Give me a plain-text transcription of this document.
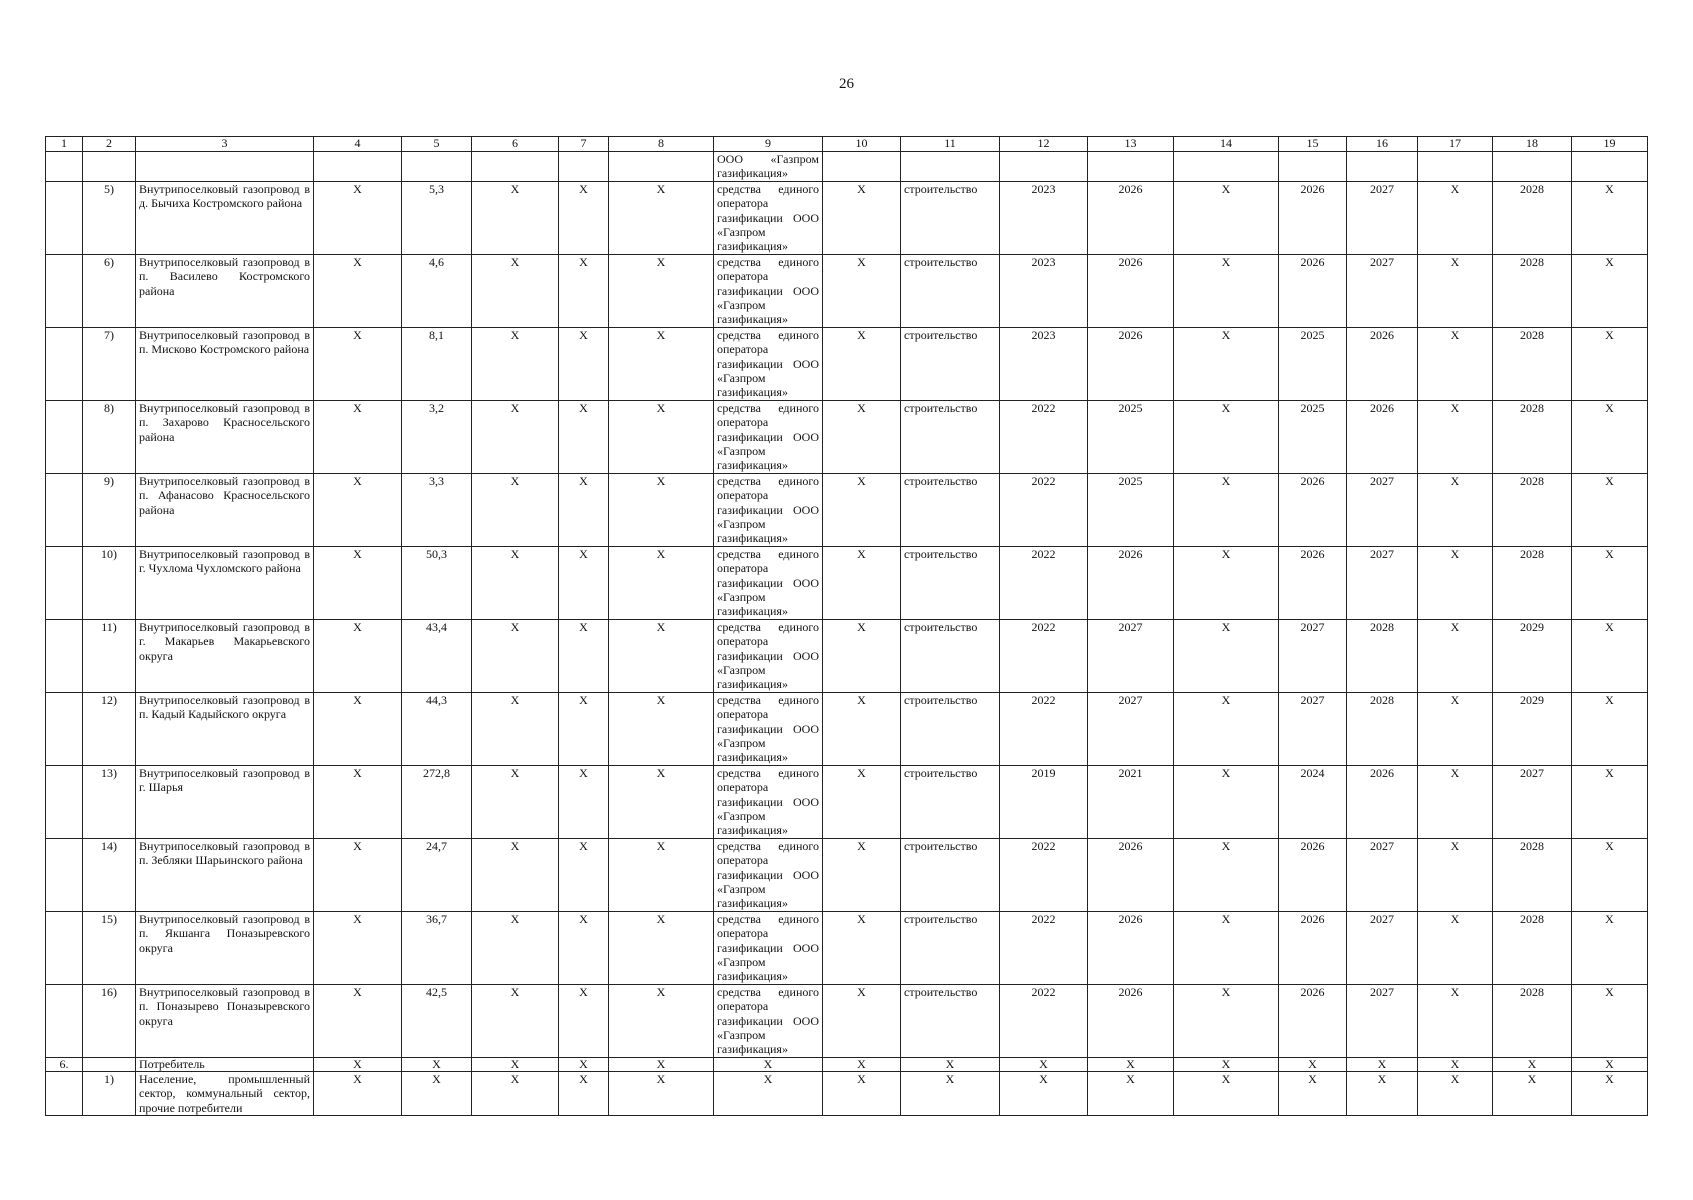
26
1	2	3	4	5	6	7	8	9	10	11	12	13	14	15	16	17	18	19
								ООО «Газпром газификация»										
	5)	Внутрипоселковый газопровод в д. Бычиха Костромского района	Х	5,3	Х	Х	Х	средства единого оператора газификации ООО «Газпром газификация»	Х	строительство	2023	2026	Х	2026	2027	Х	2028	Х
	6)	Внутрипоселковый газопровод в п. Василево Костромского района	Х	4,6	Х	Х	Х	средства единого оператора газификации ООО «Газпром газификация»	Х	строительство	2023	2026	Х	2026	2027	Х	2028	Х
	7)	Внутрипоселковый газопровод в п. Мисково Костромского района	Х	8,1	Х	Х	Х	средства единого оператора газификации ООО «Газпром газификация»	Х	строительство	2023	2026	Х	2025	2026	Х	2028	Х
	8)	Внутрипоселковый газопровод в п. Захарово Красносельского района	Х	3,2	Х	Х	Х	средства единого оператора газификации ООО «Газпром газификация»	Х	строительство	2022	2025	Х	2025	2026	Х	2028	Х
	9)	Внутрипоселковый газопровод в п. Афанасово Красносельского района	Х	3,3	Х	Х	Х	средства единого оператора газификации ООО «Газпром газификация»	Х	строительство	2022	2025	Х	2026	2027	Х	2028	Х
	10)	Внутрипоселковый газопровод в г. Чухлома Чухломского района	Х	50,3	Х	Х	Х	средства единого оператора газификации ООО «Газпром газификация»	Х	строительство	2022	2026	Х	2026	2027	Х	2028	Х
	11)	Внутрипоселковый газопровод в г. Макарьев Макарьевского округа	Х	43,4	Х	Х	Х	средства единого оператора газификации ООО «Газпром газификация»	Х	строительство	2022	2027	Х	2027	2028	Х	2029	Х
	12)	Внутрипоселковый газопровод в п. Кадый Кадыйского округа	Х	44,3	Х	Х	Х	средства единого оператора газификации ООО «Газпром газификация»	Х	строительство	2022	2027	Х	2027	2028	Х	2029	Х
	13)	Внутрипоселковый газопровод в г. Шарья	Х	272,8	Х	Х	Х	средства единого оператора газификации ООО «Газпром газификация»	Х	строительство	2019	2021	Х	2024	2026	Х	2027	Х
	14)	Внутрипоселковый газопровод в п. Зебляки Шарьинского района	Х	24,7	Х	Х	Х	средства единого оператора газификации ООО «Газпром газификация»	Х	строительство	2022	2026	Х	2026	2027	Х	2028	Х
	15)	Внутрипоселковый газопровод в п. Якшанга Поназыревского округа	Х	36,7	Х	Х	Х	средства единого оператора газификации ООО «Газпром газификация»	Х	строительство	2022	2026	Х	2026	2027	Х	2028	Х
	16)	Внутрипоселковый газопровод в п. Поназырево Поназыревского округа	Х	42,5	Х	Х	Х	средства единого оператора газификации ООО «Газпром газификация»	Х	строительство	2022	2026	Х	2026	2027	Х	2028	Х
6.		Потребитель	Х	Х	Х	Х	Х	Х	Х	Х	Х	Х	Х	Х	Х	Х	Х	Х
	1)	Население, промышленный сектор, коммунальный сектор, прочие потребители	Х	Х	Х	Х	Х	Х	Х	Х	Х	Х	Х	Х	Х	Х	Х	Х
